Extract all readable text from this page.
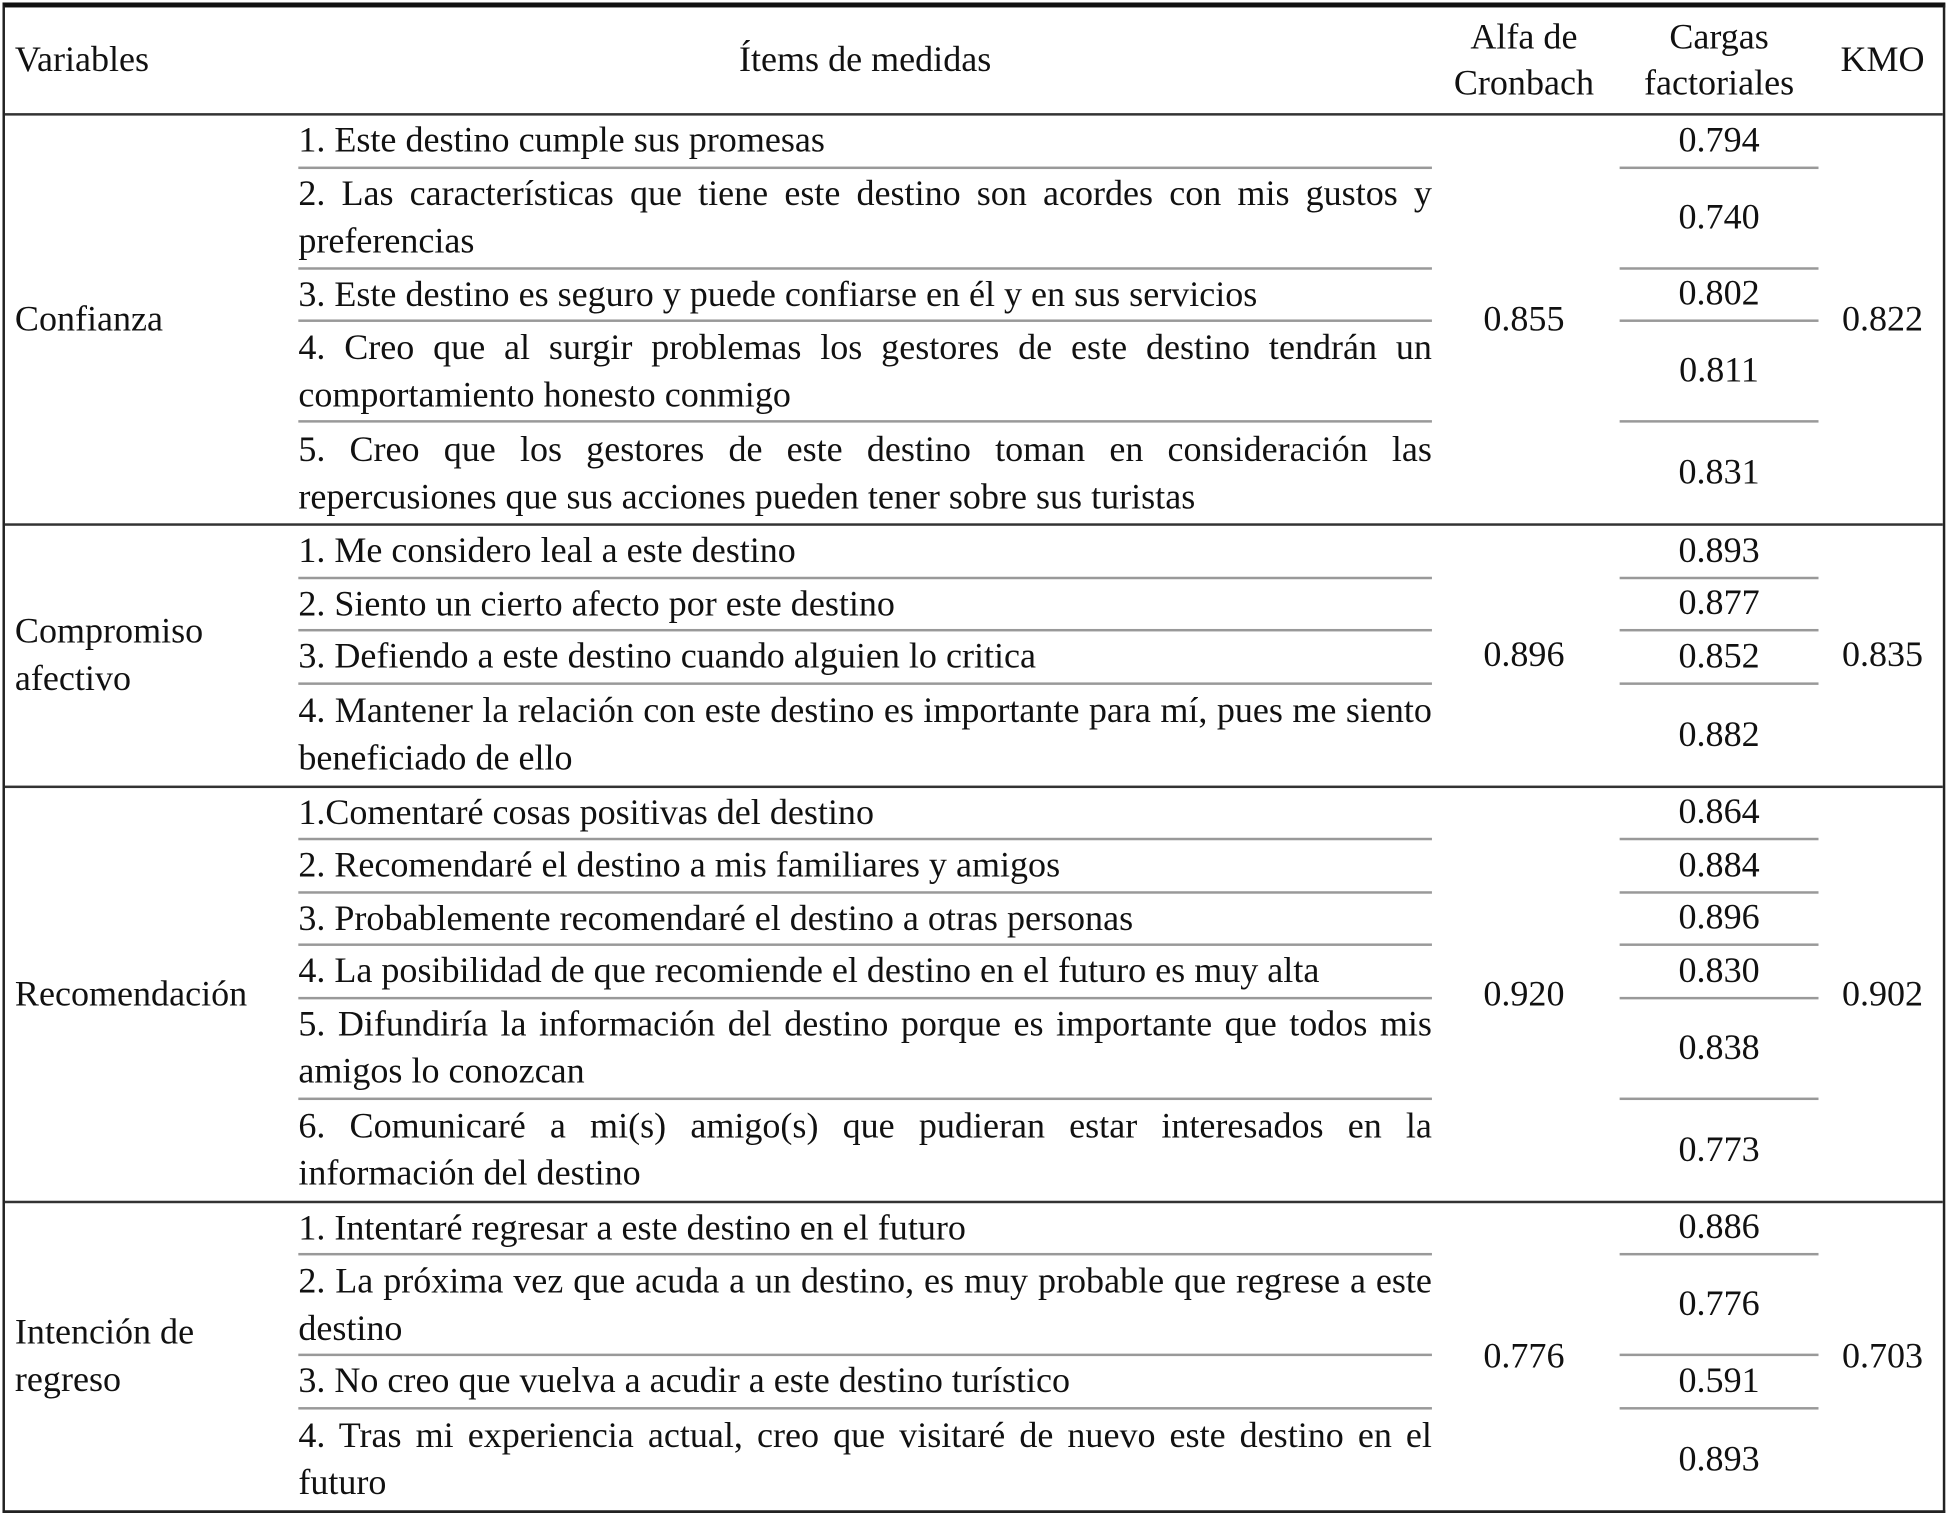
Variables	Ítems de medidas
Alfa de Cronbach
Cargas factoriales
KMO
Confianza
1. Este destino cumple sus promesas
2. Las características que tiene este destino son acordes con mis gustos y preferencias
3. Este destino es seguro y puede confiarse en él y en sus servicios
4. Creo que al surgir problemas los gestores de este destino tendrán un comportamiento honesto conmigo
5. Creo que los gestores de este destino toman en consideración las repercusiones que sus acciones pueden tener sobre sus turistas
0.855
0.794
0.740
0.802
0.811
0.831
0.822
Compromiso afectivo
1. Me considero leal a este destino
2. Siento un cierto afecto por este destino
3. Defiendo a este destino cuando alguien lo critica
4. Mantener la relación con este destino es importante para mí, pues me siento beneficiado de ello
0.896
0.893
0.877
0.852
0.882
0.835
Recomendación
1.Comentaré cosas positivas del destino
2. Recomendaré el destino a mis familiares y amigos
3. Probablemente recomendaré el destino a otras personas
4. La posibilidad de que recomiende el destino en el futuro es muy alta
5. Difundiría la información del destino porque es importante que todos mis amigos lo conozcan
6. Comunicaré a mi(s) amigo(s) que pudieran estar interesados en la información del destino
0.920
0.864
0.884
0.896
0.830
0.838
0.773
0.902
Intención de regreso
1. Intentaré regresar a este destino en el futuro
2. La próxima vez que acuda a un destino, es muy probable que regrese a este destino
3. No creo que vuelva a acudir a este destino turístico
4. Tras mi experiencia actual, creo que visitaré de nuevo este destino en el futuro
0.776
0.886
0.776
0.591
0.893
0.703
